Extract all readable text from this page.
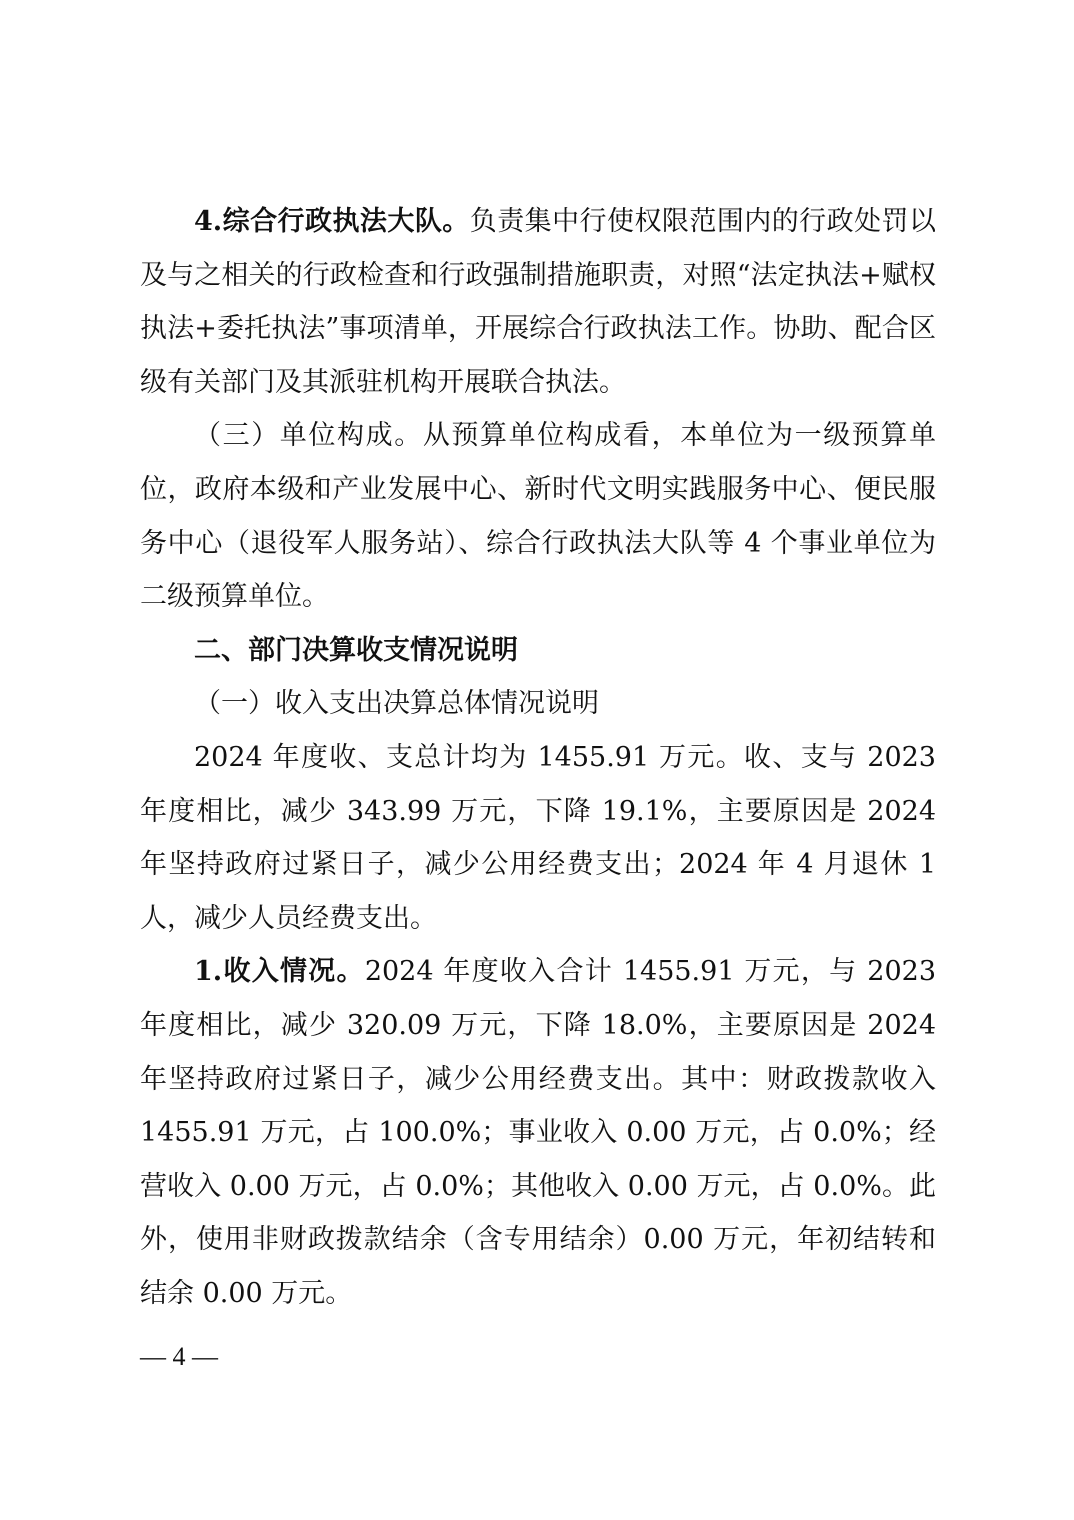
4.综合行政执法大队。负责集中行使权限范围内的行政处罚以及与之相关的行政检查和行政强制措施职责，对照“法定执法+赋权执法+委托执法”事项清单，开展综合行政执法工作。协助、配合区级有关部门及其派驻机构开展联合执法。

（三）单位构成。从预算单位构成看，本单位为一级预算单位，政府本级和产业发展中心、新时代文明实践服务中心、便民服务中心（退役军人服务站）、综合行政执法大队等 4 个事业单位为二级预算单位。

二、部门决算收支情况说明

（一）收入支出决算总体情况说明

2024 年度收、支总计均为 1455.91 万元。收、支与 2023 年度相比，减少 343.99 万元，下降 19.1%，主要原因是 2024 年坚持政府过紧日子，减少公用经费支出；2024 年 4 月退休 1 人，减少人员经费支出。

1.收入情况。2024 年度收入合计 1455.91 万元，与 2023 年度相比，减少 320.09 万元，下降 18.0%，主要原因是 2024 年坚持政府过紧日子，减少公用经费支出。其中：财政拨款收入 1455.91 万元，占 100.0%；事业收入 0.00 万元，占 0.0%；经营收入 0.00 万元，占 0.0%；其他收入 0.00 万元，占 0.0%。此外，使用非财政拨款结余（含专用结余）0.00 万元，年初结转和结余 0.00 万元。

— 4 —
